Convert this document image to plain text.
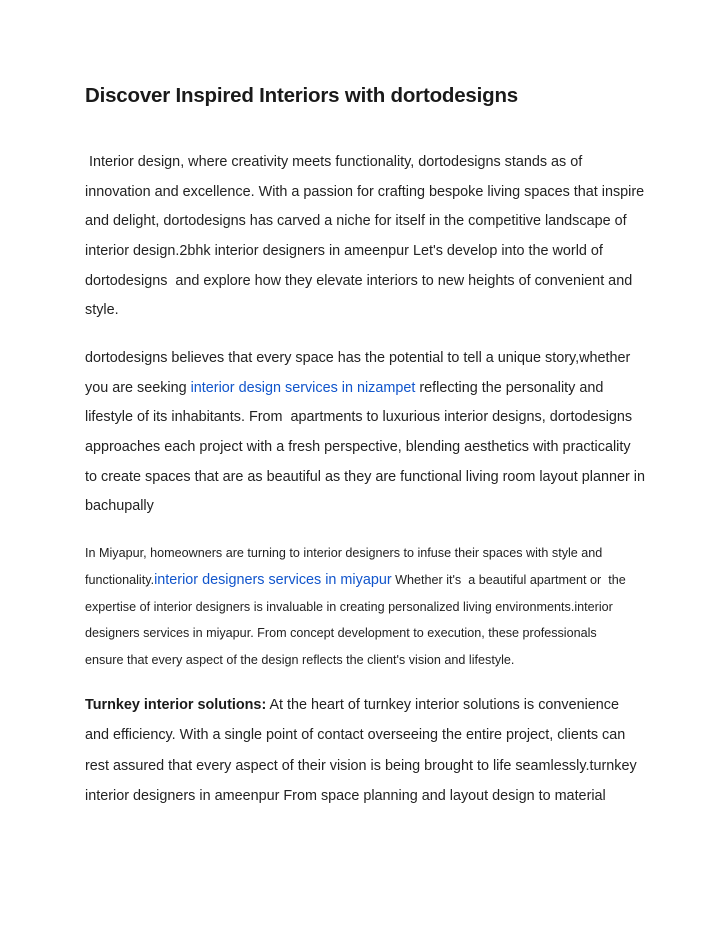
Discover Inspired Interiors with dortodesigns
Interior design, where creativity meets functionality, dortodesigns stands as of
innovation and excellence. With a passion for crafting bespoke living spaces that inspire
and delight, dortodesigns has carved a niche for itself in the competitive landscape of
interior design.2bhk interior designers in ameenpur Let's develop into the world of
dortodesigns  and explore how they elevate interiors to new heights of convenient and
style.
dortodesigns believes that every space has the potential to tell a unique story,whether
you are seeking interior design services in nizampet reflecting the personality and
lifestyle of its inhabitants. From  apartments to luxurious interior designs, dortodesigns
approaches each project with a fresh perspective, blending aesthetics with practicality
to create spaces that are as beautiful as they are functional living room layout planner in
bachupally
In Miyapur, homeowners are turning to interior designers to infuse their spaces with style and
functionality.interior designers services in miyapur Whether it's  a beautiful apartment or  the
expertise of interior designers is invaluable in creating personalized living environments.interior
designers services in miyapur. From concept development to execution, these professionals
ensure that every aspect of the design reflects the client's vision and lifestyle.
Turnkey interior solutions: At the heart of turnkey interior solutions is convenience
and efficiency. With a single point of contact overseeing the entire project, clients can
rest assured that every aspect of their vision is being brought to life seamlessly.turnkey
interior designers in ameenpur From space planning and layout design to material
